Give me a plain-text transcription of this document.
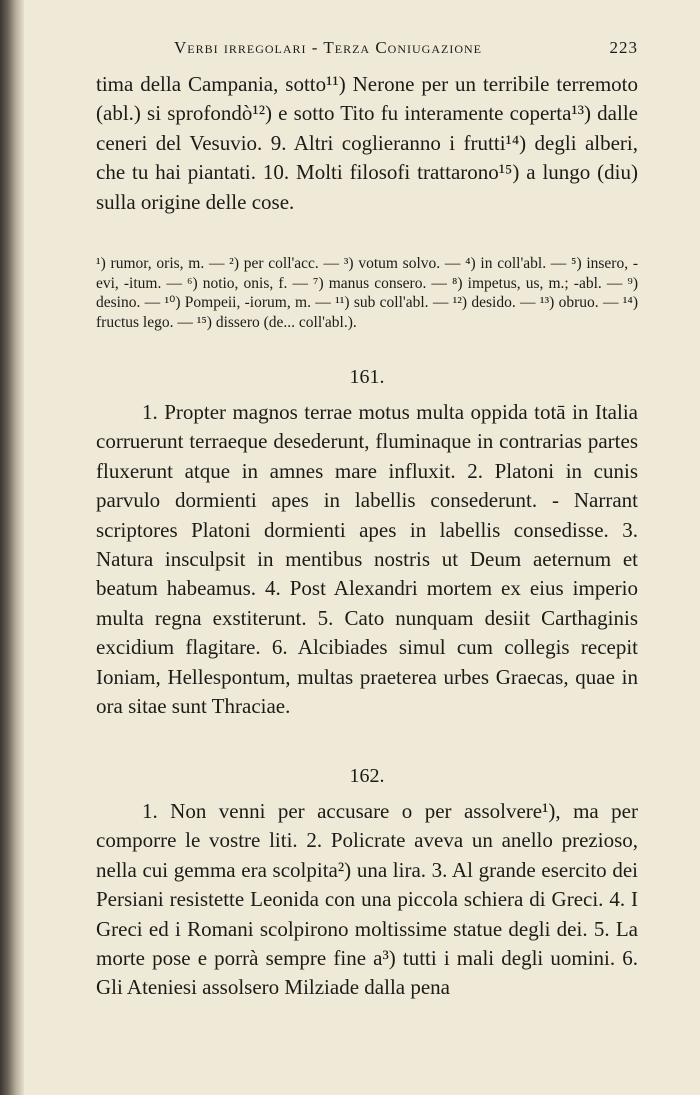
Verbi irregolari - Terza Coniugazione	223

tima della Campania, sotto¹¹) Nerone per un terribile terremoto (abl.) si sprofondò¹²) e sotto Tito fu interamente coperta¹³) dalle ceneri del Vesuvio. 9. Altri coglieranno i frutti¹⁴) degli alberi, che tu hai piantati. 10. Molti filosofi trattarono¹⁵) a lungo (diu) sulla origine delle cose.

¹) rumor, oris, m. — ²) per coll'acc. — ³) votum solvo. — ⁴) in coll'abl. — ⁵) insero, -evi, -itum. — ⁶) notio, onis, f. — ⁷) manus consero. — ⁸) impetus, us, m.; -abl. — ⁹) desino. — ¹⁰) Pompeii, -iorum, m. — ¹¹) sub coll'abl. — ¹²) desido. — ¹³) obruo. — ¹⁴) fructus lego. — ¹⁵) dissero (de... coll'abl.).

161.

1. Propter magnos terrae motus multa oppida totā in Italia corruerunt terraeque desederunt, fluminaque in contrarias partes fluxerunt atque in amnes mare influxit. 2. Platoni in cunis parvulo dormienti apes in labellis consederunt. - Narrant scriptores Platoni dormienti apes in labellis consedisse. 3. Natura insculpsit in mentibus nostris ut Deum aeternum et beatum habeamus. 4. Post Alexandri mortem ex eius imperio multa regna exstiterunt. 5. Cato nunquam desiit Carthaginis excidium flagitare. 6. Alcibiades simul cum collegis recepit Ioniam, Hellespontum, multas praeterea urbes Graecas, quae in ora sitae sunt Thraciae.

162.

1. Non venni per accusare o per assolvere¹), ma per comporre le vostre liti. 2. Policrate aveva un anello prezioso, nella cui gemma era scolpita²) una lira. 3. Al grande esercito dei Persiani resistette Leonida con una piccola schiera di Greci. 4. I Greci ed i Romani scolpirono moltissime statue degli dei. 5. La morte pose e porrà sempre fine a³) tutti i mali degli uomini. 6. Gli Ateniesi assolsero Milziade dalla pena
